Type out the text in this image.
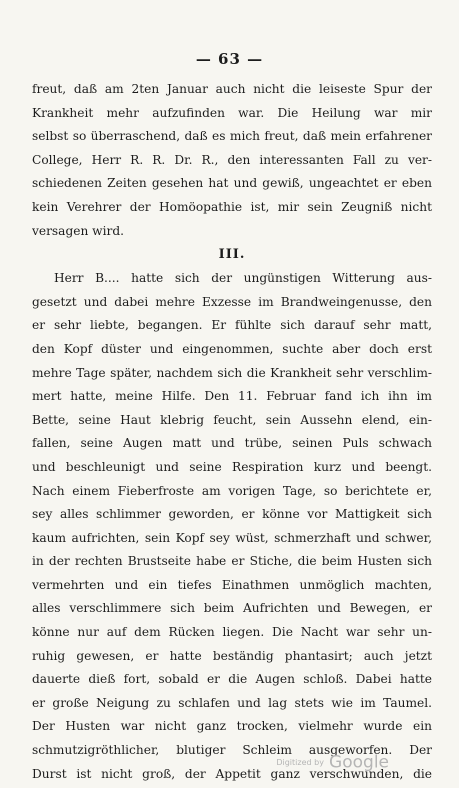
— 63 —
freut, daß am 2ten Januar auch nicht die leiseste Spur der
Krankheit mehr aufzufinden war. Die Heilung war mir
selbst so überraschend, daß es mich freut, daß mein erfahrener
College, Herr R. R. Dr. R., den interessanten Fall zu ver-
schiedenen Zeiten gesehen hat und gewiß, ungeachtet er eben
kein Verehrer der Homöopathie ist, mir sein Zeugniß nicht
versagen wird.
III.
Herr B.... hatte sich der ungünstigen Witterung aus-
gesetzt und dabei mehre Exzesse im Brandweingenusse, den
er sehr liebte, begangen. Er fühlte sich darauf sehr matt,
den Kopf düster und eingenommen, suchte aber doch erst
mehre Tage später, nachdem sich die Krankheit sehr verschlim-
mert hatte, meine Hilfe. Den 11. Februar fand ich ihn im
Bette, seine Haut klebrig feucht, sein Aussehn elend, ein-
fallen, seine Augen matt und trübe, seinen Puls schwach
und beschleunigt und seine Respiration kurz und beengt.
Nach einem Fieberfroste am vorigen Tage, so berichtete er,
sey alles schlimmer geworden, er könne vor Mattigkeit sich
kaum aufrichten, sein Kopf sey wüst, schmerzhaft und schwer,
in der rechten Brustseite habe er Stiche, die beim Husten sich
vermehrten und ein tiefes Einathmen unmöglich machten,
alles verschlimmere sich beim Aufrichten und Bewegen, er
könne nur auf dem Rücken liegen. Die Nacht war sehr un-
ruhig gewesen, er hatte beständig phantasirt; auch jetzt
dauerte dieß fort, sobald er die Augen schloß. Dabei hatte
er große Neigung zu schlafen und lag stets wie im Taumel.
Der Husten war nicht ganz trocken, vielmehr wurde ein
schmutzigröthlicher, blutiger Schleim ausgeworfen. Der
Durst ist nicht groß, der Appetit ganz verschwunden, die
Digitized by Google
